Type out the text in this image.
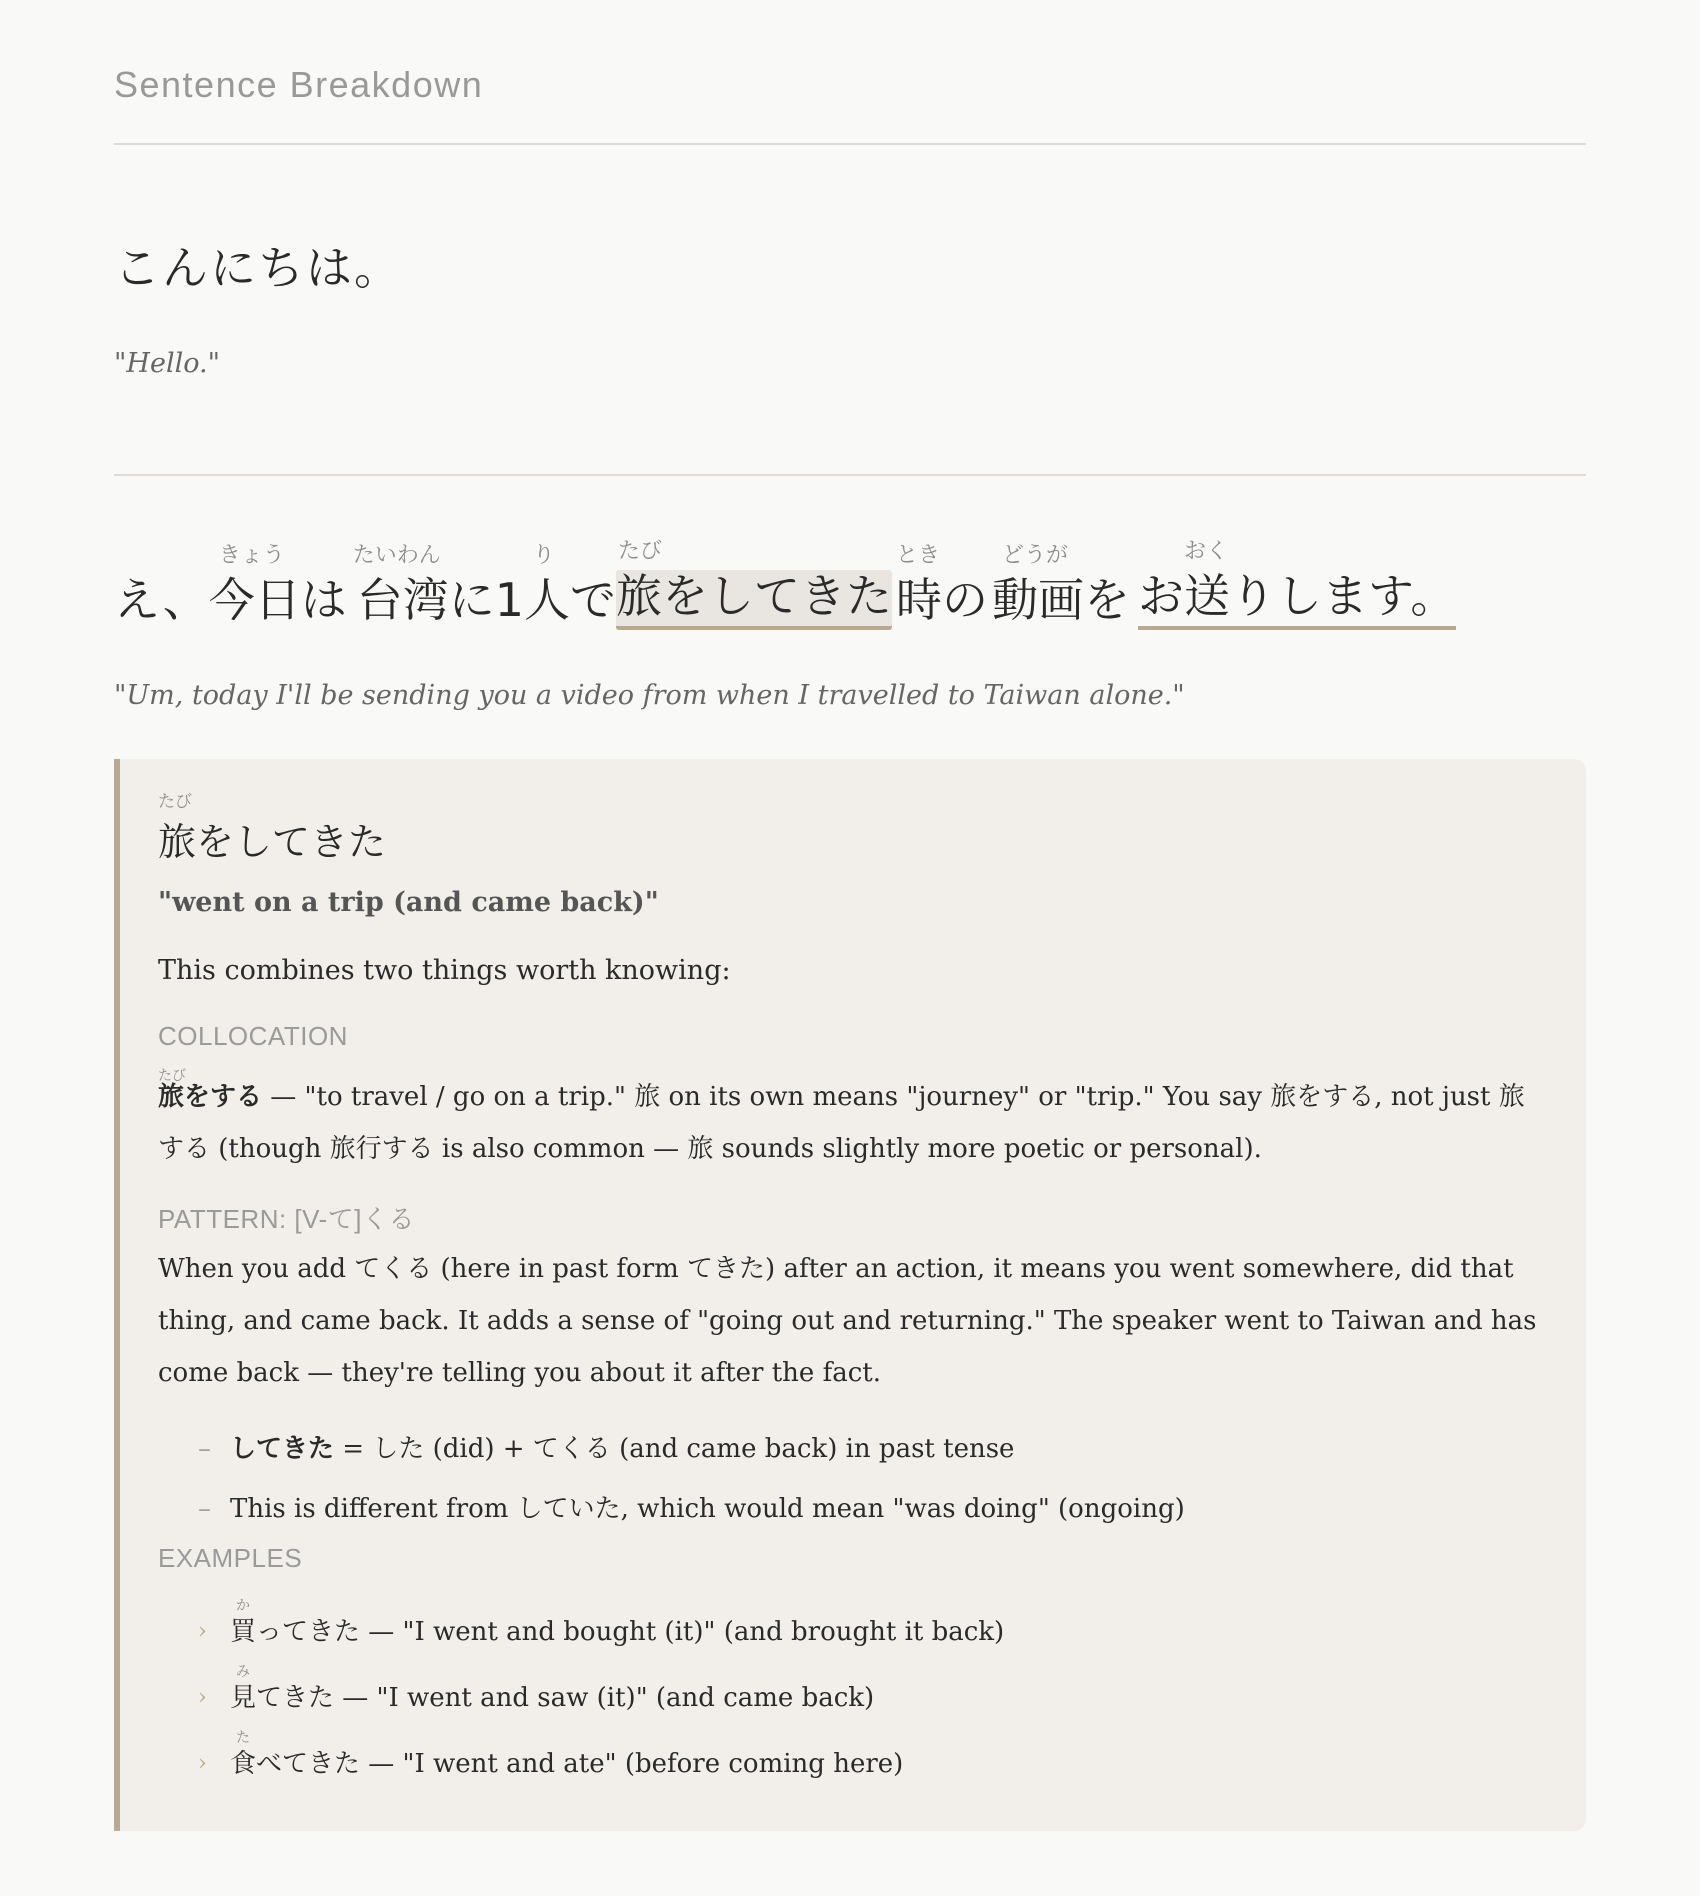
Sentence Breakdown
こんにちは。
"Hello."
え、
きょう
今日は
たいわん
台湾に
り
1人で
たび
旅をしてきた
とき
時の
どうが
動画を
おく
お送りします。
"Um, today I'll be sending you a video from when I travelled to Taiwan alone."
たび
旅をしてきた
"went on a trip (and came back)"
This combines two things worth knowing:
COLLOCATION
たび
旅をする — "to travel / go on a trip." 旅 on its own means "journey" or "trip." You say 旅をする, not just 旅する (though 旅行する is also common — 旅 sounds slightly more poetic or personal).
PATTERN: [V-て]くる
When you add てくる (here in past form てきた) after an action, it means you went somewhere, did that thing, and came back. It adds a sense of "going out and returning." The speaker went to Taiwan and has come back — they're telling you about it after the fact.
– してきた = した (did) + てくる (and came back) in past tense
– This is different from していた, which would mean "was doing" (ongoing)
EXAMPLES
›
か
買ってきた — "I went and bought (it)" (and brought it back)
›
み
見てきた — "I went and saw (it)" (and came back)
›
た
食べてきた — "I went and ate" (before coming here)
